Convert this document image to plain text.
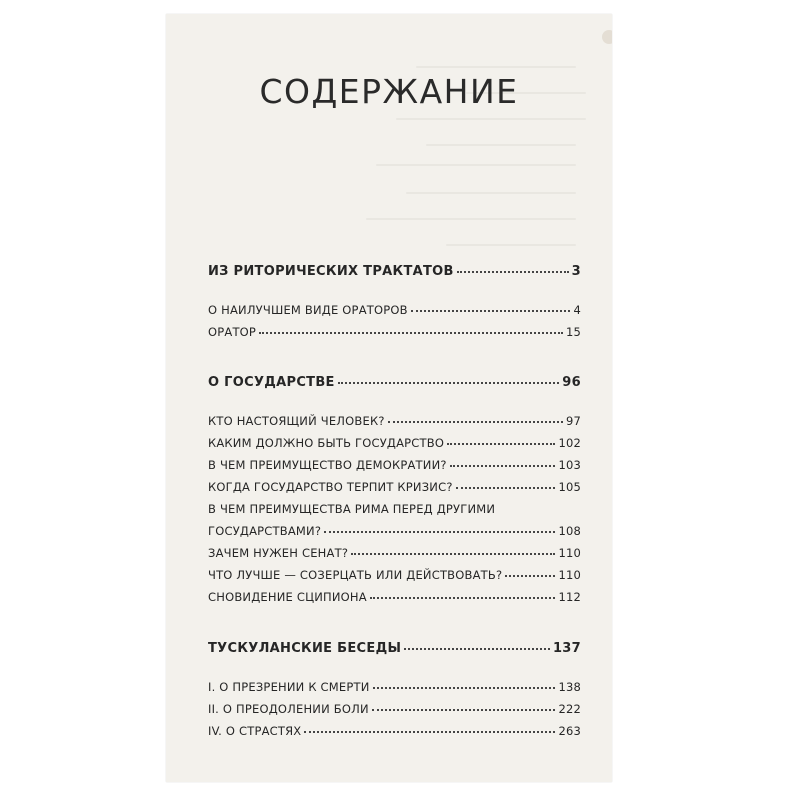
СОДЕРЖАНИЕ
ИЗ РИТОРИЧЕСКИХ ТРАКТАТОВ	3
О НАИЛУЧШЕМ ВИДЕ ОРАТОРОВ	4
ОРАТОР	15
О ГОСУДАРСТВЕ	96
КТО НАСТОЯЩИЙ ЧЕЛОВЕК?	97
КАКИМ ДОЛЖНО БЫТЬ ГОСУДАРСТВО	102
В ЧЕМ ПРЕИМУЩЕСТВО ДЕМОКРАТИИ?	103
КОГДА ГОСУДАРСТВО ТЕРПИТ КРИЗИС?	105
В ЧЕМ ПРЕИМУЩЕСТВА РИМА ПЕРЕД ДРУГИМИ
ГОСУДАРСТВАМИ?	108
ЗАЧЕМ НУЖЕН СЕНАТ?	110
ЧТО ЛУЧШЕ — СОЗЕРЦАТЬ ИЛИ ДЕЙСТВОВАТЬ?	110
СНОВИДЕНИЕ СЦИПИОНА	112
ТУСКУЛАНСКИЕ БЕСЕДЫ	137
I. О ПРЕЗРЕНИИ К СМЕРТИ	138
II. О ПРЕОДОЛЕНИИ БОЛИ	222
IV. О СТРАСТЯХ	263
